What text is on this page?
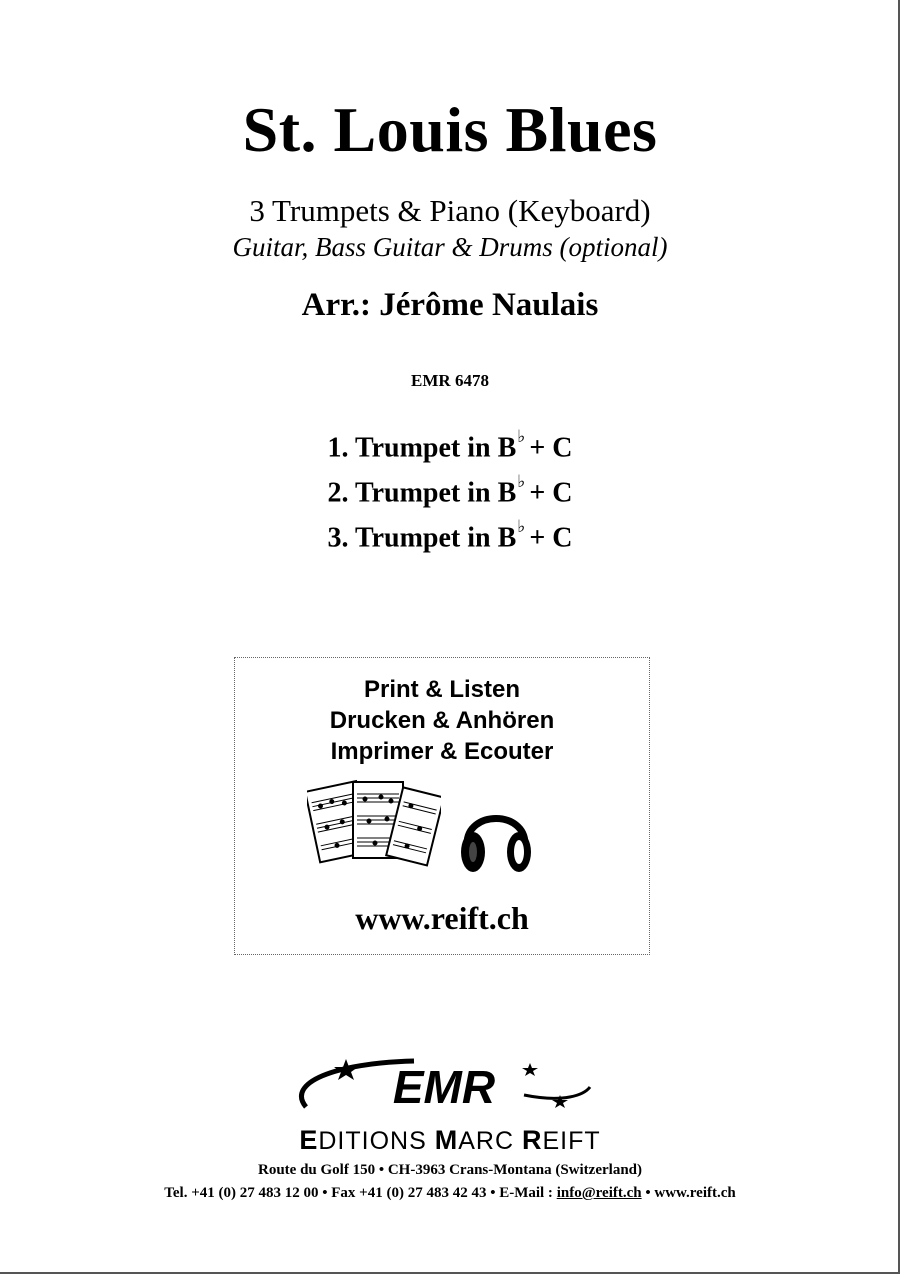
St. Louis Blues
3 Trumpets & Piano (Keyboard)
Guitar, Bass Guitar & Drums (optional)
Arr.: Jérôme Naulais
EMR 6478
1. Trumpet in B♭ + C
2. Trumpet in B♭ + C
3. Trumpet in B♭ + C
Print & Listen
Drucken & Anhören
Imprimer & Ecouter
www.reift.ch
EMR
EDITIONS MARC REIFT
Route du Golf 150 • CH-3963 Crans-Montana (Switzerland)
Tel. +41 (0) 27 483 12 00 • Fax +41 (0) 27 483 42 43 • E-Mail : info@reift.ch • www.reift.ch
